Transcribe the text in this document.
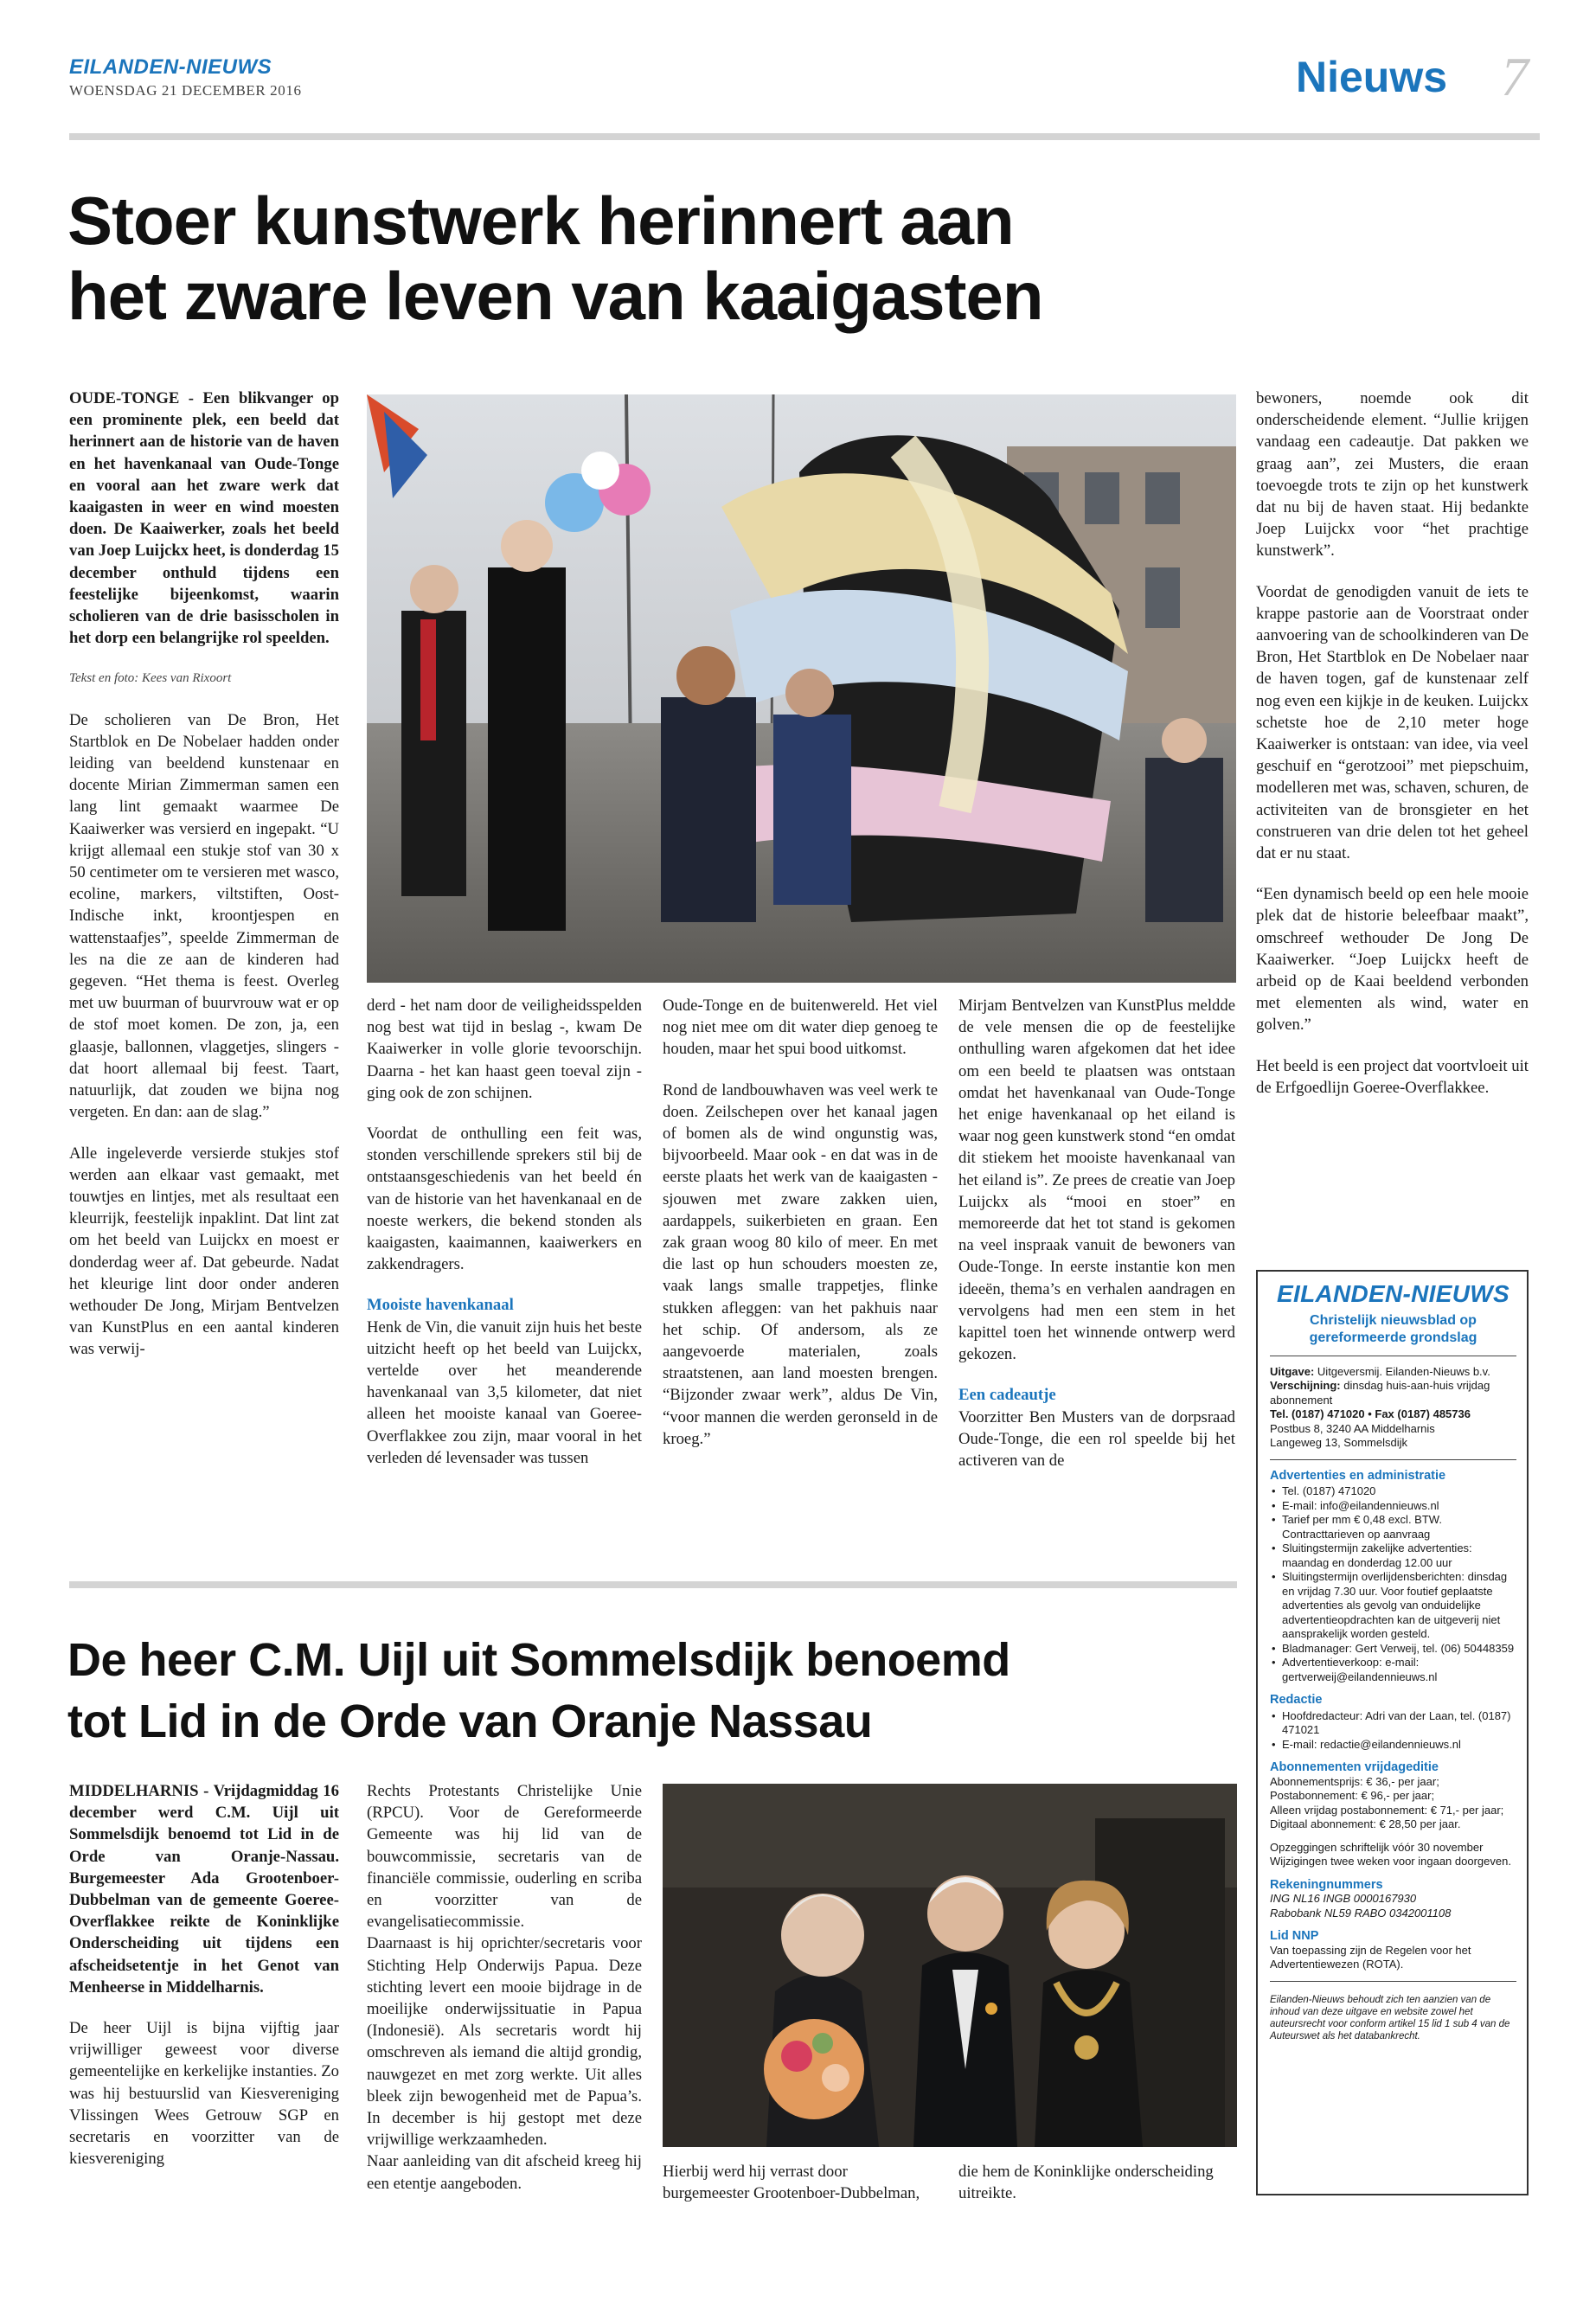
EILANDEN-NIEUWS
WOENSDAG 21 DECEMBER 2016	Nieuws 7
Stoer kunstwerk herinnert aan
het zware leven van kaaigasten

OUDE-TONGE - Een blikvanger op een prominente plek, een beeld dat herinnert aan de historie van de haven en het havenkanaal van Oude-Tonge en vooral aan het zware werk dat kaaigasten in weer en wind moesten doen. De Kaaiwerker, zoals het beeld van Joep Luijckx heet, is donderdag 15 december onthuld tijdens een feestelijke bijeenkomst, waarin scholieren van de drie basisscholen in het dorp een belangrijke rol speelden.

Tekst en foto: Kees van Rixoort

De scholieren van De Bron, Het Startblok en De Nobelaer hadden onder leiding van beeldend kunstenaar en docente Mirian Zimmerman samen een lang lint gemaakt waarmee De Kaaiwerker was versierd en ingepakt. “U krijgt allemaal een stukje stof van 30 x 50 centimeter om te versieren met wasco, ecoline, markers, viltstiften, Oost-Indische inkt, kroontjespen en wattenstaafjes”, speelde Zimmerman de les na die ze aan de kinderen had gegeven. “Het thema is feest. Overleg met uw buurman of buurvrouw wat er op de stof moet komen. De zon, ja, een glaasje, ballonnen, vlaggetjes, slingers - dat hoort allemaal bij feest. Taart, natuurlijk, dat zouden we bijna nog vergeten. En dan: aan de slag.”

Alle ingeleverde versierde stukjes stof werden aan elkaar vast gemaakt, met touwtjes en lintjes, met als resultaat een kleurrijk, feestelijk inpaklint. Dat lint zat om het beeld van Luijckx en moest er donderdag weer af. Dat gebeurde. Nadat het kleurige lint door onder anderen wethouder De Jong, Mirjam Bentvelzen van KunstPlus en een aantal kinderen was verwij-

derd - het nam door de veiligheidsspelden nog best wat tijd in beslag -, kwam De Kaaiwerker in volle glorie tevoorschijn. Daarna - het kan haast geen toeval zijn - ging ook de zon schijnen.

Voordat de onthulling een feit was, stonden verschillende sprekers stil bij de ontstaansgeschiedenis van het beeld én van de historie van het havenkanaal en de noeste werkers, die bekend stonden als kaaigasten, kaaimannen, kaaiwerkers en zakkendragers.

Mooiste havenkanaal

Henk de Vin, die vanuit zijn huis het beste uitzicht heeft op het beeld van Luijckx, vertelde over het meanderende havenkanaal van 3,5 kilometer, dat niet alleen het mooiste kanaal van Goeree-Overflakkee zou zijn, maar vooral in het verleden dé levensader was tussen

Oude-Tonge en de buitenwereld. Het viel nog niet mee om dit water diep genoeg te houden, maar het spui bood uitkomst.

Rond de landbouwhaven was veel werk te doen. Zeilschepen over het kanaal jagen of bomen als de wind ongunstig was, bijvoorbeeld. Maar ook - en dat was in de eerste plaats het werk van de kaaigasten - sjouwen met zware zakken uien, aardappels, suikerbieten en graan. Een zak graan woog 80 kilo of meer. En met die last op hun schouders moesten ze, vaak langs smalle trappetjes, flinke stukken afleggen: van het pakhuis naar het schip. Of andersom, als ze aangevoerde materialen, zoals straatstenen, aan land moesten brengen. “Bijzonder zwaar werk”, aldus De Vin, “voor mannen die werden geronseld in de kroeg.”

Mirjam Bentvelzen van KunstPlus meldde de vele mensen die op de feestelijke onthulling waren afgekomen dat het idee om een beeld te plaatsen was ontstaan omdat het havenkanaal van Oude-Tonge het enige havenkanaal op het eiland is waar nog geen kunstwerk stond “en omdat dit stiekem het mooiste havenkanaal van het eiland is”. Ze prees de creatie van Joep Luijckx als “mooi en stoer” en memoreerde dat het tot stand is gekomen na veel inspraak vanuit de bewoners van Oude-Tonge. In eerste instantie kon men ideeën, thema’s en verhalen aandragen en vervolgens had men een stem in het kapittel toen het winnende ontwerp werd gekozen.

Een cadeautje

Voorzitter Ben Musters van de dorpsraad Oude-Tonge, die een rol speelde bij het activeren van de

bewoners, noemde ook dit onderscheidende element. “Jullie krijgen vandaag een cadeautje. Dat pakken we graag aan”, zei Musters, die eraan toevoegde trots te zijn op het kunstwerk dat nu bij de haven staat. Hij bedankte Joep Luijckx voor “het prachtige kunstwerk”.

Voordat de genodigden vanuit de iets te krappe pastorie aan de Voorstraat onder aanvoering van de schoolkinderen van De Bron, Het Startblok en De Nobelaer naar de haven togen, gaf de kunstenaar zelf nog even een kijkje in de keuken. Luijckx schetste hoe de 2,10 meter hoge Kaaiwerker is ontstaan: van idee, via veel geschuif en “gerotzooi” met piepschuim, modelleren met was, schaven, schuren, de activiteiten van de bronsgieter en het construeren van drie delen tot het geheel dat er nu staat.

“Een dynamisch beeld op een hele mooie plek dat de historie beleefbaar maakt”, omschreef wethouder De Jong De Kaaiwerker. “Joep Luijckx heeft de arbeid op de Kaai beeldend verbonden met elementen als wind, water en golven.”

Het beeld is een project dat voortvloeit uit de Erfgoedlijn Goeree-Overflakkee.

EILANDEN-NIEUWS
Christelijk nieuwsblad op gereformeerde grondslag
Uitgave: Uitgeversmij. Eilanden-Nieuws b.v.
Verschijning: dinsdag huis-aan-huis vrijdag abonnement
Tel. (0187) 471020 • Fax (0187) 485736
Postbus 8, 3240 AA Middelharnis
Langeweg 13, Sommelsdijk
Advertenties en administratie
• Tel. (0187) 471020
• E-mail: info@eilandennieuws.nl
• Tarief per mm € 0,48 excl. BTW. Contracttarieven op aanvraag
• Sluitingstermijn zakelijke advertenties: maandag en donderdag 12.00 uur
• Sluitingstermijn overlijdensberichten: dinsdag en vrijdag 7.30 uur. Voor foutief geplaatste advertenties als gevolg van onduidelijke advertentieopdrachten kan de uitgeverij niet aansprakelijk worden gesteld.
• Bladmanager: Gert Verweij, tel. (06) 50448359
• Advertentieverkoop: e-mail: gertverweij@eilandennieuws.nl
Redactie
• Hoofdredacteur: Adri van der Laan, tel. (0187) 471021
• E-mail: redactie@eilandennieuws.nl
Abonnementen vrijdageditie
Abonnementsprijs: € 36,- per jaar;
Postabonnement: € 96,- per jaar;
Alleen vrijdag postabonnement: € 71,- per jaar;
Digitaal abonnement: € 28,50 per jaar.
Opzeggingen schriftelijk vóór 30 november Wijzigingen twee weken voor ingaan doorgeven.
Rekeningnummers
ING NL16 INGB 0000167930
Rabobank NL59 RABO 0342001108
Lid NNP
Van toepassing zijn de Regelen voor het Advertentiewezen (ROTA).
Eilanden-Nieuws behoudt zich ten aanzien van de inhoud van deze uitgave en website zowel het auteursrecht voor conform artikel 15 lid 1 sub 4 van de Auteurswet als het databankrecht.
De heer C.M. Uijl uit Sommelsdijk benoemd
tot Lid in de Orde van Oranje Nassau

MIDDELHARNIS - Vrijdagmiddag 16 december werd C.M. Uijl uit Sommelsdijk benoemd tot Lid in de Orde van Oranje-Nassau. Burgemeester Ada Grootenboer-Dubbelman van de gemeente Goeree-Overflakkee reikte de Koninklijke Onderscheiding uit tijdens een afscheidsetentje in het Genot van Menheerse in Middelharnis.

De heer Uijl is bijna vijftig jaar vrijwilliger geweest voor diverse gemeentelijke en kerkelijke instanties. Zo was hij bestuurslid van Kiesvereniging Vlissingen Wees Getrouw SGP en secretaris en voorzitter van de kiesvereniging

Rechts Protestants Christelijke Unie (RPCU). Voor de Gereformeerde Gemeente was hij lid van de bouwcommissie, secretaris van de financiële commissie, ouderling en scriba en voorzitter van de evangelisatiecommissie.

Daarnaast is hij oprichter/secretaris voor Stichting Help Onderwijs Papua. Deze stichting levert een mooie bijdrage in de moeilijke onderwijssituatie in Papua (Indonesië). Als secretaris wordt hij omschreven als iemand die altijd grondig, nauwgezet en met zorg werkte. Uit alles bleek zijn bewogenheid met de Papua’s. In december is hij gestopt met deze vrijwillige werkzaamheden.

Naar aanleiding van dit afscheid kreeg hij een etentje aangeboden.

Hierbij werd hij verrast door burgemeester Grootenboer-Dubbelman,
die hem de Koninklijke onderscheiding uitreikte.
